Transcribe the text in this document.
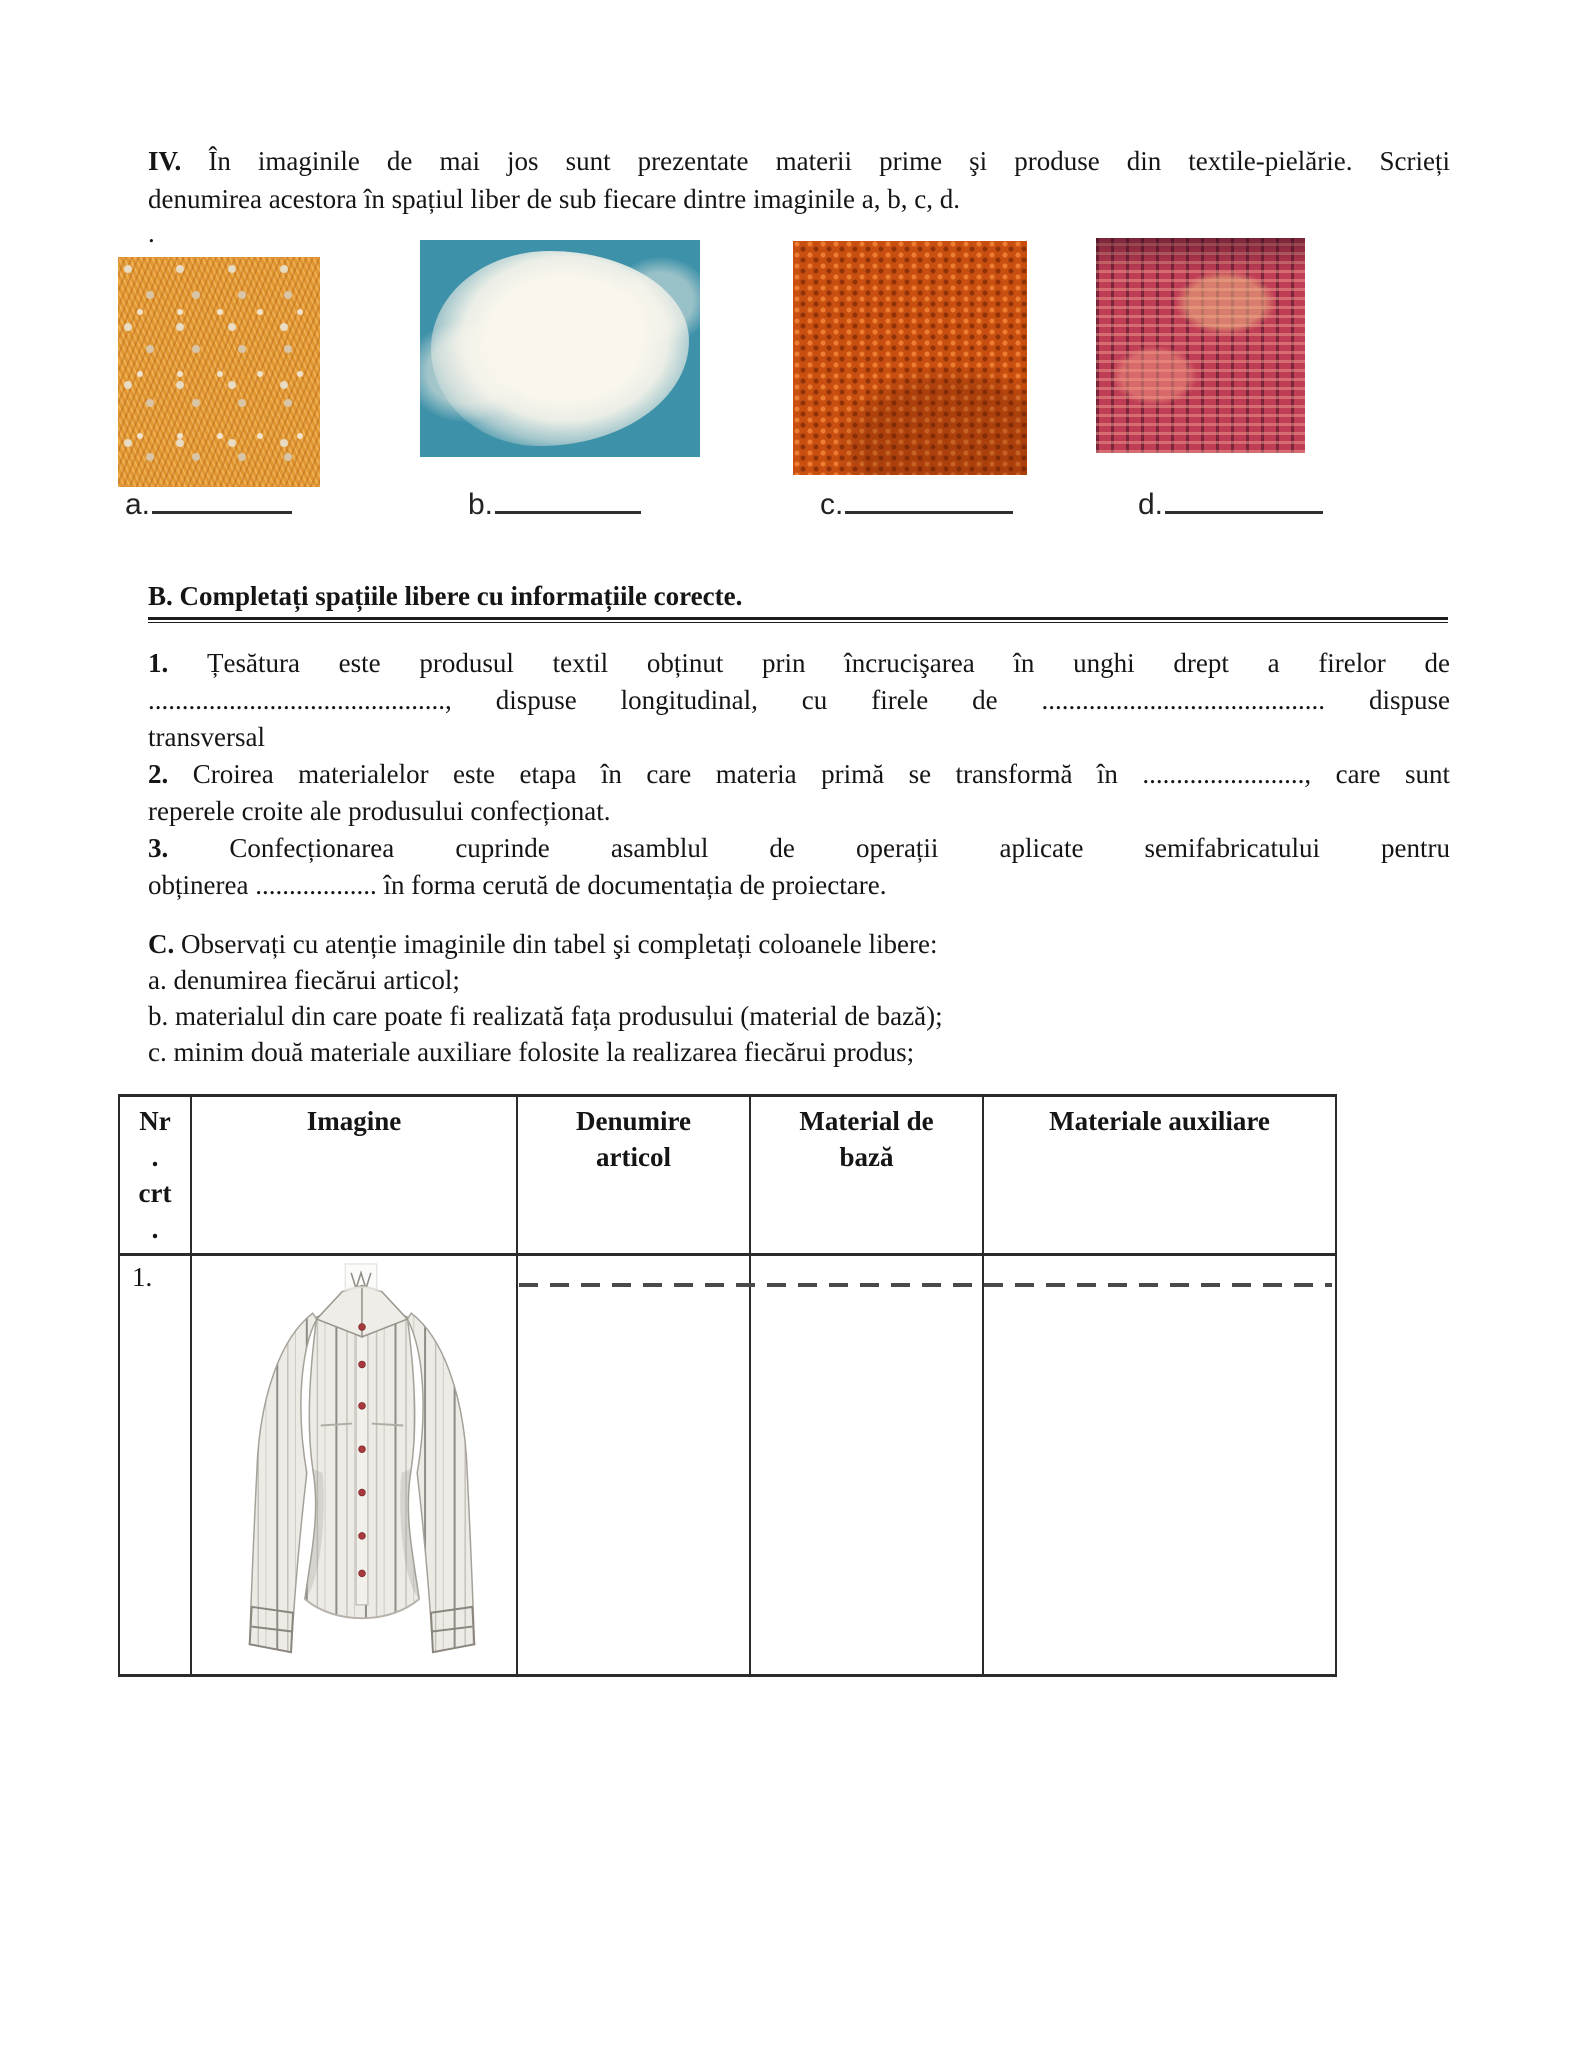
IV. În imaginile de mai jos sunt prezentate materii prime şi produse din textile-pielărie. Scrieți
denumirea acestora în spațiul liber de sub fiecare dintre imaginile a, b, c, d.
.
a.	b.	c.	d.
B. Completați spațiile libere cu informațiile corecte.
1. Țesătura este produsul textil obținut prin încrucişarea în unghi drept a firelor de
............................................, dispuse longitudinal, cu firele de .......................................... dispuse
transversal
2. Croirea materialelor este etapa în care materia primă se transformă în ........................, care sunt
reperele croite ale produsului confecționat.
3. Confecționarea cuprinde asamblul de operații aplicate semifabricatului pentru
obținerea .................. în forma cerută de documentația de proiectare.
C. Observați cu atenție imaginile din tabel şi completați coloanele libere:
a. denumirea fiecărui articol;
b. materialul din care poate fi realizată fața produsului (material de bază);
c. minim două materiale auxiliare folosite la realizarea fiecărui produs;
Nr
.
crt
.	Imagine	Denumire articol	Material de bază	Materiale auxiliare
1.	
